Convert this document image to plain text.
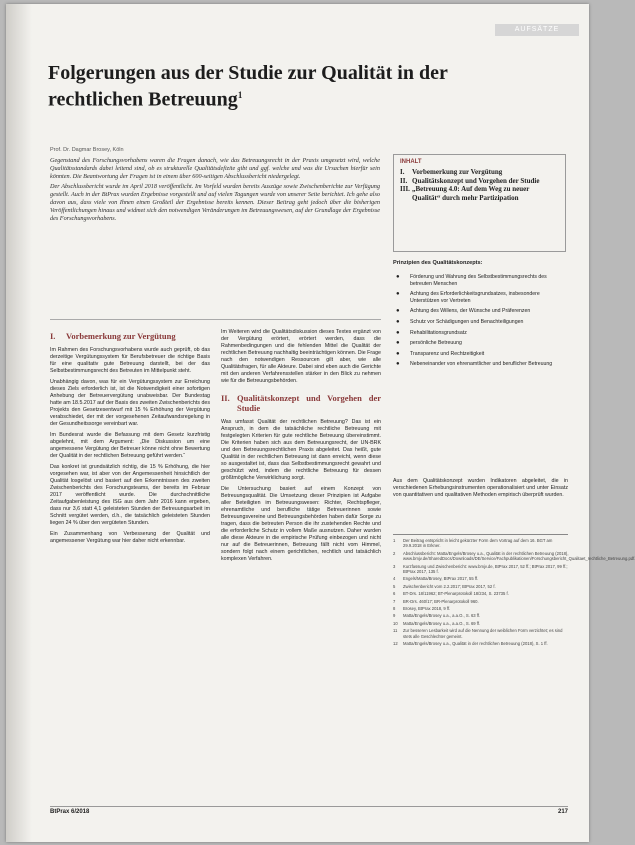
AUFSÄTZE
Folgerungen aus der Studie zur Qualität in der rechtlichen Betreuung$^1$
Prof. Dr. Dagmar Brosey, Köln

Gegenstand des Forschungsvorhabens waren die Fragen danach, wie das Betreuungsrecht in der Praxis umgesetzt wird, welche Qualitätsstandards dabei leitend sind, ob es strukturelle Qualitätsdefizite gibt und ggf. welche und was die Ursachen hierfür sein könnten. Die Beantwortung der Fragen ist in einem über 600-seitigen Abschlussbericht niedergelegt.

Der Abschlussbericht wurde im April 2018 veröffentlicht. Im Vorfeld wurden bereits Auszüge sowie Zwischenberichte zur Verfügung gestellt. Auch in der BtPrax wurden Ergebnisse vorgestellt und auf vielen Tagungen wurde von unserer Seite berichtet. Ich gehe also davon aus, dass viele von Ihnen einen Großteil der Ergebnisse bereits kennen. Dieser Beitrag geht jedoch über die bisherigen Veröffentlichungen hinaus und widmet sich den notwendigen Veränderungen im Betreuungswesen, auf der Grundlage der Ergebnisse des Forschungsvorhabens.

INHALT
I.	Vorbemerkung zur Vergütung
II. Qualitätskonzept und Vorgehen der Studie
III. „Betreuung 4.0: Auf dem Weg zu neuer Qualität“ durch mehr Partizipation
Prinzipien des Qualitätskonzepts:
●	Förderung und Wahrung des Selbstbestimmungsrechts des betreuten Menschen
●	Achtung des Erforderlichkeitsgrundsatzes, insbesondere Unterstützen vor Vertreten
●	Achtung des Willens, der Wünsche und Präferenzen
●	Schutz vor Schädigungen und Benachteiligungen
●	Rehabilitationsgrundsatz
●	persönliche Betreuung
●	Transparenz und Rechtzeitigkeit
●	Nebeneinander von ehrenamtlicher und beruflicher Betreuung

Aus dem Qualitätskonzept wurden Indikatoren abgeleitet, die in verschiedenen Erhebungsinstrumenten operationalisiert und unter Einsatz von quantitativen und qualitativen Methoden empirisch überprüft wurden.

1	Der Beitrag entspricht in leicht gekürzter Form dem Vortrag auf dem 16. BGT am 29.9.2018 in Erkner.
2	Abschlussbericht: Matta/Engels/Brosey u.a., Qualität in der rechtlichen Betreuung (2018), www.bmjv.de/SharedDocs/Downloads/DE/Service/Fachpublikationen/Forschungsbericht_Qualitaet_rechtliche_Betreuung.pdf.
3	Kurzfassung und Zwischenbericht: www.bmjv.de, BtPrax 2017, 52 ff.; BtPrax 2017, 99 ff.; BtPrax 2017, 135 f.
4	Engels/Matta/Brosey, BtPrax 2017, 55 ff.
5	Zwischenbericht vom 2.2.2017; BtPrax 2017, 52 f.
6	BT-Drs. 18/11962; BT-Plenarprotokoll 18/234, S. 23735 f.
7	BR-Drs. 460/17; BR-Plenarprotokoll 960.
8	Brosey, BtPrax 2018, 9 ff.
9	Matta/Engels/Brosey u.a., a.a.O., S. 63 ff.
10	Matta/Engels/Brosey u.a., a.a.O., S. 69 ff.
11	Zur besseren Lesbarkeit wird auf die Nennung der weiblichen Form verzichtet; es sind stets alle Geschlechter gemeint.
12	Matta/Engels/Brosey u.a., Qualität in der rechtlichen Betreuung (2018), S. 1 ff.
I.	Vorbemerkung zur Vergütung

Im Rahmen des Forschungsvorhabens wurde auch geprüft, ob das derzeitige Vergütungssystem für Berufsbetreuer die richtige Basis für eine qualitativ gute Betreuung darstellt, bei der das Selbstbestimmungsrecht des Betreuten im Mittelpunkt steht.

Unabhängig davon, was für ein Vergütungssystem zur Erreichung dieses Ziels erforderlich ist, ist die Notwendigkeit einer sofortigen Anhebung der Betreuervergütung unabweisbar. Der Bundestag hatte am 18.5.2017 auf der Basis des zweiten Zwischenberichts des Projekts den Gesetzesentwurf mit 15 % Erhöhung der Vergütung verabschiedet, der mit der vorgesehenen Zeitaufwandsregelung in der Gesundheitssorge vereinbart war.

Im Bundesrat wurde die Befassung mit dem Gesetz kurzfristig abgelehnt, mit dem Argument: „Die Diskussion um eine angemessene Vergütung der Betreuer könne nicht ohne Bewertung der Qualität in der rechtlichen Betreuung geführt werden.“

Das konkret ist grundsätzlich richtig, die 15 % Erhöhung, die hier vorgesehen war, ist aber von der Angemessenheit hinsichtlich der Qualität losgelöst und basiert auf den Erkenntnissen des zweiten Zwischenberichts des Forschungsteams, der bereits im Februar 2017 veröffentlicht wurde. Die durchschnittliche Zeitaufgabenleistung des ISG aus dem Jahr 2016 kann ergeben, dass nur 3,6 statt 4,1 geleisteten Stunden der Betreuungsarbeit im Schnitt vergütet werden, d.h., die tatsächlich geleisteten Stunden liegen 24 % über den vergüteten Stunden.

Ein Zusammenhang von Verbesserung der Qualität und angemessener Vergütung war hier daher nicht erkennbar.

Im Weiteren wird die Qualitätsdiskussion dieses Textes ergänzt von der Vergütung erörtert, erörtert werden, dass die Rahmenbedingungen und die fehlenden Mittel die Qualität der rechtlichen Betreuung nachhaltig beeinträchtigen können. Die Frage nach den notwendigen Ressourcen gilt aber, wie alle Qualitätsfragen, für alle Akteure. Dabei sind eben auch die Gerichte mit den anderen Verfahrensstellen stärker in den Blick zu nehmen wie für die Betreuungsbehörden.

II. Qualitätskonzept und Vorgehen der Studie

Was umfasst Qualität der rechtlichen Betreuung? Das ist ein Anspruch, in dem die tatsächliche rechtliche Betreuung mit festgelegten Kriterien für gute rechtliche Betreuung übereinstimmt. Die Kriterien haben sich aus dem Betreuungsrecht, der UN-BRK und den Betreuungsrechtlichen Praxis abgeleitet. Das heißt, gute Qualität in der rechtlichen Betreuung ist dann erreicht, wenn diese so ausgestaltet ist, dass das Selbstbestimmungsrecht gewahrt und geschützt wird, indem die rechtliche Betreuung für dessen größtmögliche Verwirklichung sorgt.

Die Untersuchung basiert auf einem Konzept von Betreuungsqualität. Die Umsetzung dieser Prinzipien ist Aufgabe aller Beteiligten im Betreuungswesen: Richter, Rechtspfleger, ehrenamtliche und berufliche tätige Betreuerinnen sowie Betreuungsvereine und Betreuungsbehörden haben dafür Sorge zu tragen, dass die betreuten Person die ihr zustehenden Rechte und die erforderliche Schutz in vollem Maße ausnutzen. Daher wurden alle diese Akteure in die empirische Prüfung einbezogen und nicht nur auf die Betreuerinnen, Betreuung fällt nicht vom Himmel, sondern folgt nach einem gerichtlichen, rechtlich und tatsächlich komplexen Verfahren.

BtPrax 6/2018	217
